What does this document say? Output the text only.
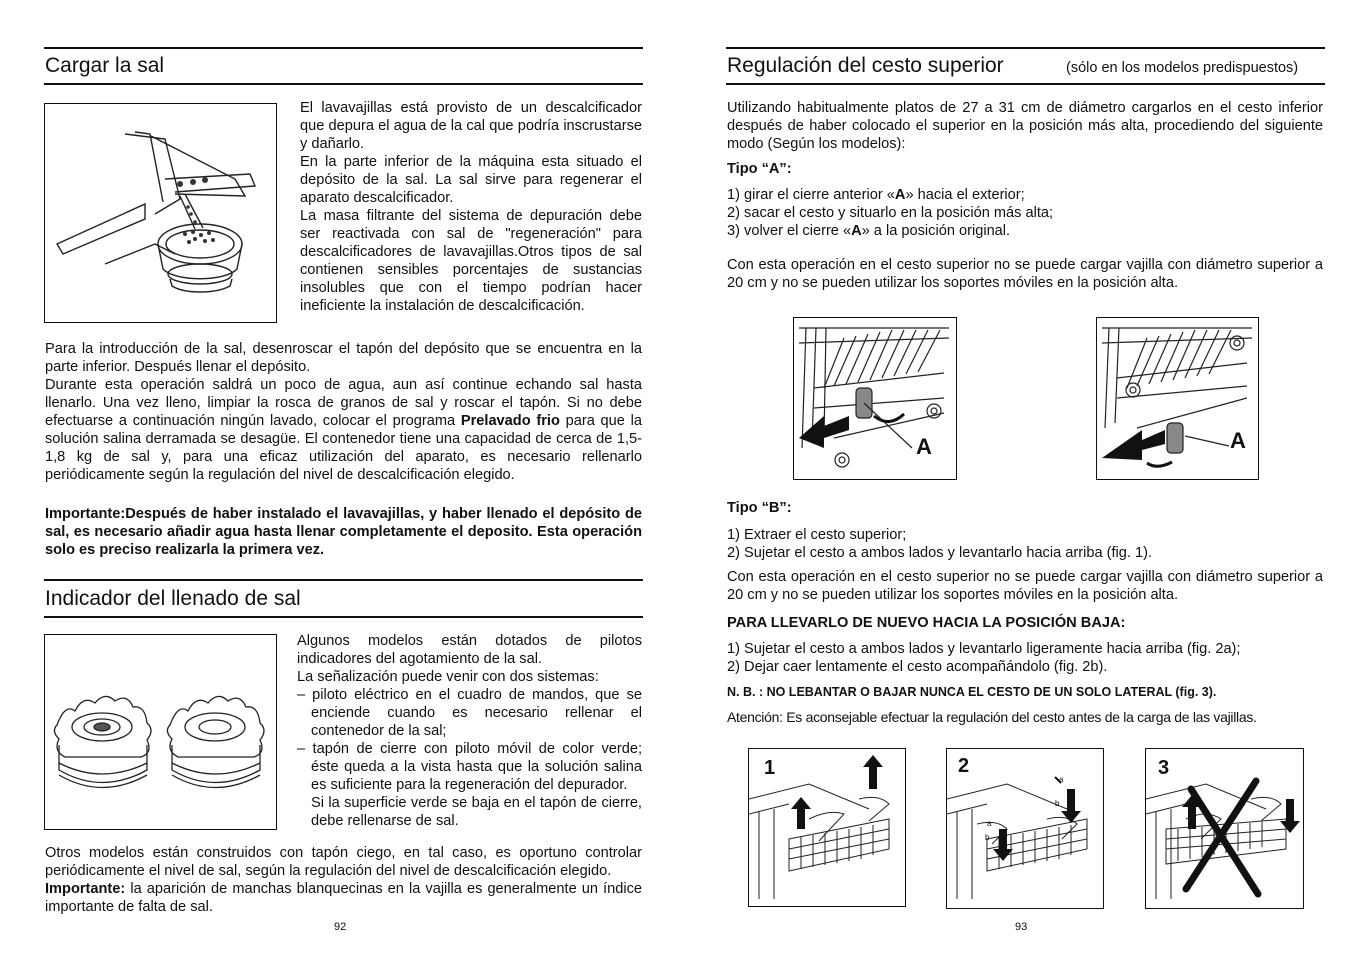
Cargar la sal
El lavavajillas está provisto de un descalcificador que depura el agua de la cal que podría inscrustarse y dañarlo.
En la parte inferior de la máquina esta situado el depósito de la sal. La sal sirve para regenerar el aparato descalcificador.
La masa filtrante del sistema de depuración debe ser reactivada con sal de "regeneración" para descalcificadores de lavavajillas.Otros tipos de sal contienen sensibles porcentajes de sustancias insolubles que con el tiempo podrían hacer ineficiente la instalación de descalcificación.
Para la introducción de la sal, desenroscar el tapón del depósito que se encuentra en la parte inferior. Después llenar el depósito.
Durante esta operación saldrá un poco de agua, aun así continue echando sal hasta llenarlo. Una vez lleno, limpiar la rosca de granos de sal y roscar el tapón. Si no debe efectuarse a continuación ningún lavado, colocar el programa Prelavado frio para que la solución salina derramada se desagüe. El contenedor tiene una capacidad de cerca de 1,5-1,8 kg de sal y, para una eficaz utilización del aparato, es necesario rellenarlo periódicamente según la regulación del nivel de descalcificación elegido.
Importante:Después de haber instalado el lavavajillas, y haber llenado el depósito de sal, es necesario añadir agua hasta llenar completamente el deposito. Esta operación solo es preciso realizarla la primera vez.
Indicador del llenado de sal

Algunos modelos están dotados de pilotos indicadores del agotamiento de la sal.

La señalización puede venir con dos sistemas:

– piloto eléctrico en el cuadro de mandos, que se enciende cuando es necesario rellenar el contenedor de la sal;

– tapón de cierre con piloto móvil de color verde; éste queda a la vista hasta que la solución salina es suficiente para la regeneración del depurador.

Si la superficie verde se baja en el tapón de cierre, debe rellenarse de sal.

Otros modelos están construidos con tapón ciego, en tal caso, es oportuno controlar periódicamente el nivel de sal, según la regulación del nivel de descalcificación elegido.
Importante: la aparición de manchas blanquecinas en la vajilla es generalmente un índice importante de falta de sal.
92
Regulación del cesto superior	(sólo en los modelos predispuestos)
Utilizando habitualmente platos de 27 a 31 cm de diámetro cargarlos en el cesto inferior después de haber colocado el superior en la posición más alta, procediendo del siguiente modo (Según los modelos):
Tipo “A”:

1) girar el cierre anterior «A» hacia el exterior;

2) sacar el cesto y situarlo en la posición más alta;

3) volver el cierre «A» a la posición original.

Con esta operación en el cesto superior no se puede cargar vajilla con diámetro superior a 20 cm y no se pueden utilizar los soportes móviles en la posición alta.
A	A
Tipo “B”:

1) Extraer el cesto superior;

2) Sujetar el cesto a ambos lados y levantarlo hacia arriba (fig. 1).

Con esta operación en el cesto superior no se puede cargar vajilla con diámetro superior a 20 cm y no se pueden utilizar los soportes móviles en la posición alta.
PARA LLEVARLO DE NUEVO HACIA LA POSICIÓN BAJA:

1) Sujetar el cesto a ambos lados y levantarlo ligeramente hacia arriba (fig. 2a);

2) Dejar caer lentamente el cesto acompañándolo (fig. 2b).

N. B. : NO LEBANTAR O BAJAR NUNCA EL CESTO DE UN SOLO LATERAL (fig. 3).
Atención: Es aconsejable efectuar la regulación del cesto antes de la carga de las vajillas.
1	2
a
b
a
b
3
93
